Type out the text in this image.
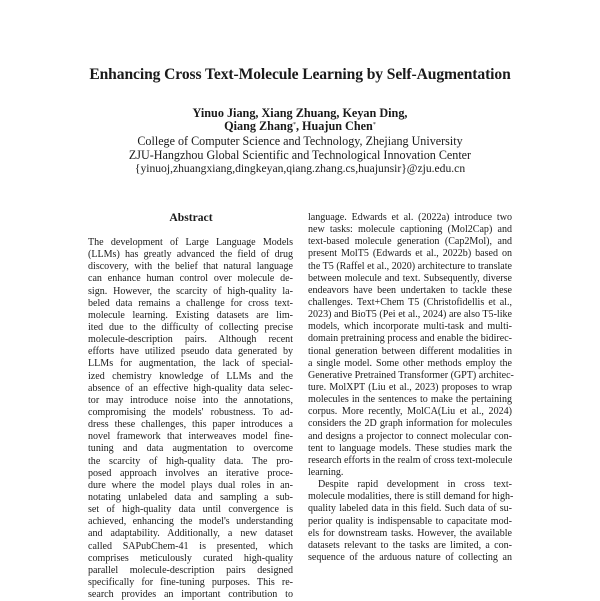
Enhancing Cross Text-Molecule Learning by Self-Augmentation
Yinuo Jiang, Xiang Zhuang, Keyan Ding,
Qiang Zhang*, Huajun Chen*
College of Computer Science and Technology, Zhejiang University
ZJU-Hangzhou Global Scientific and Technological Innovation Center
{yinuoj,zhuangxiang,dingkeyan,qiang.zhang.cs,huajunsir}@zju.edu.cn
Abstract
The development of Large Language Models
(LLMs) has greatly advanced the field of drug
discovery, with the belief that natural language
can enhance human control over molecule de-
sign. However, the scarcity of high-quality la-
beled data remains a challenge for cross text-
molecule learning. Existing datasets are lim-
ited due to the difficulty of collecting precise
molecule-description pairs. Although recent
efforts have utilized pseudo data generated by
LLMs for augmentation, the lack of special-
ized chemistry knowledge of LLMs and the
absence of an effective high-quality data selec-
tor may introduce noise into the annotations,
compromising the models' robustness. To ad-
dress these challenges, this paper introduces a
novel framework that interweaves model fine-
tuning and data augmentation to overcome
the scarcity of high-quality data. The pro-
posed approach involves an iterative proce-
dure where the model plays dual roles in an-
notating unlabeled data and sampling a sub-
set of high-quality data until convergence is
achieved, enhancing the model's understanding
and adaptability. Additionally, a new dataset
called SAPubChem-41 is presented, which
comprises meticulously curated high-quality
parallel molecule-description pairs designed
specifically for fine-tuning purposes. This re-
search provides an important contribution to
language. Edwards et al. (2022a) introduce two
new tasks: molecule captioning (Mol2Cap) and
text-based molecule generation (Cap2Mol), and
present MolT5 (Edwards et al., 2022b) based on
the T5 (Raffel et al., 2020) architecture to translate
between molecule and text. Subsequently, diverse
endeavors have been undertaken to tackle these
challenges. Text+Chem T5 (Christofidellis et al.,
2023) and BioT5 (Pei et al., 2024) are also T5-like
models, which incorporate multi-task and multi-
domain pretraining process and enable the bidirec-
tional generation between different modalities in
a single model. Some other methods employ the
Generative Pretrained Transformer (GPT) architec-
ture. MolXPT (Liu et al., 2023) proposes to wrap
molecules in the sentences to make the pertaining
corpus. More recently, MolCA(Liu et al., 2024)
considers the 2D graph information for molecules
and designs a projector to connect molecular con-
tent to language models. These studies mark the
research efforts in the realm of cross text-molecule
learning.
Despite rapid development in cross text-
molecule modalities, there is still demand for high-
quality labeled data in this field. Such data of su-
perior quality is indispensable to capacitate mod-
els for downstream tasks. However, the available
datasets relevant to the tasks are limited, a con-
sequence of the arduous nature of collecting an
